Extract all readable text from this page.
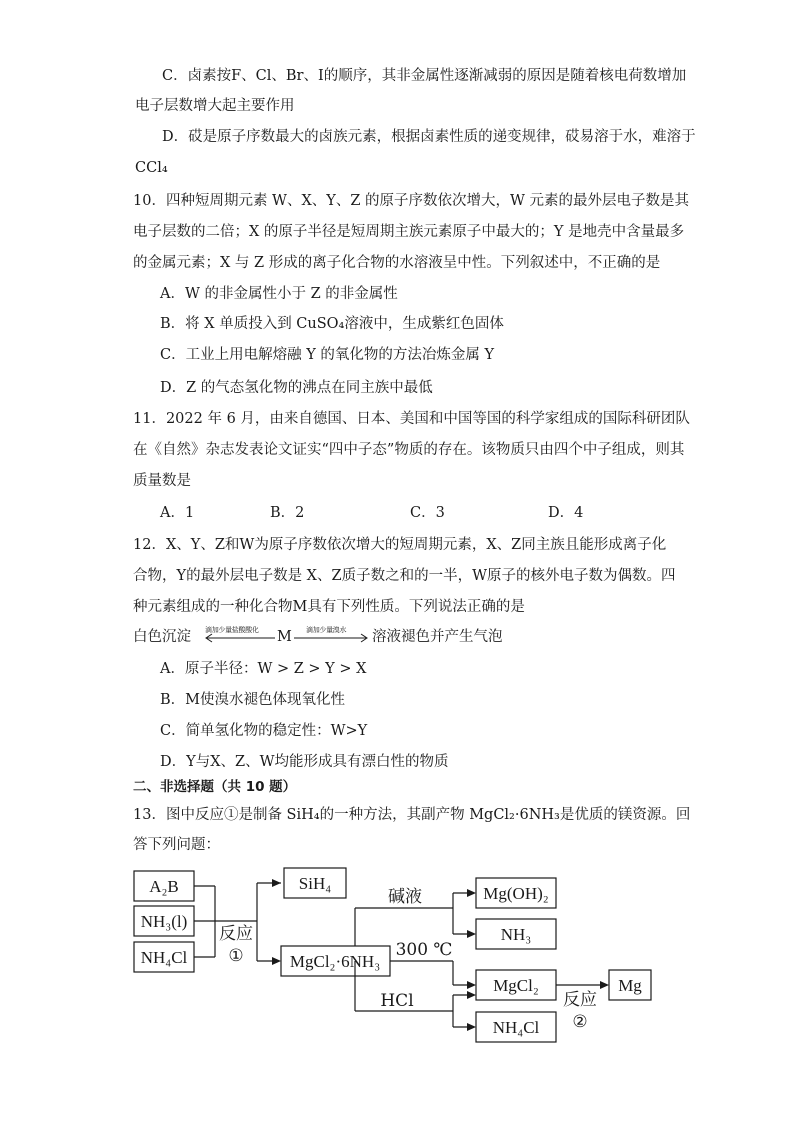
C．卤素按F、Cl、Br、I的顺序，其非金属性逐渐减弱的原因是随着核电荷数增加
电子层数增大起主要作用
D．砹是原子序数最大的卤族元素，根据卤素性质的递变规律，砹易溶于水，难溶于
CCl₄
10．四种短周期元素 W、X、Y、Z 的原子序数依次增大，W 元素的最外层电子数是其
电子层数的二倍；X 的原子半径是短周期主族元素原子中最大的；Y 是地壳中含量最多
的金属元素；X 与 Z 形成的离子化合物的水溶液呈中性。下列叙述中，不正确的是
A．W 的非金属性小于 Z 的非金属性
B．将 X 单质投入到 CuSO₄溶液中，生成紫红色固体
C．工业上用电解熔融 Y 的氧化物的方法冶炼金属 Y
D．Z 的气态氢化物的沸点在同主族中最低
11．2022 年 6 月，由来自德国、日本、美国和中国等国的科学家组成的国际科研团队
在《自然》杂志发表论文证实“四中子态”物质的存在。该物质只由四个中子组成，则其
质量数是
A．1	B．2	C．3	D．4
12．X、Y、Z和W为原子序数依次增大的短周期元素，X、Z同主族且能形成离子化
合物，Y的最外层电子数是 X、Z质子数之和的一半，W原子的核外电子数为偶数。四
种元素组成的一种化合物M具有下列性质。下列说法正确的是
白色沉淀 滴加少量盐酸酸化 M 滴加少量溴水 溶液褪色并产生气泡
A．原子半径：W > Z > Y > X
B．M使溴水褪色体现氧化性
C．简单氢化物的稳定性：W>Y
D．Y与X、Z、W均能形成具有漂白性的物质
二、非选择题（共 10 题）
13．图中反应①是制备 SiH₄的一种方法，其副产物 MgCl₂·6NH₃是优质的镁资源。回
答下列问题：
A₂B
NH₃(l)
NH₄Cl
SiH₄
MgCl₂·6NH₃
Mg(OH)₂
NH₃
MgCl₂
NH₄Cl
Mg
反应
①
碱液
300 ℃
HCl	反应
②
